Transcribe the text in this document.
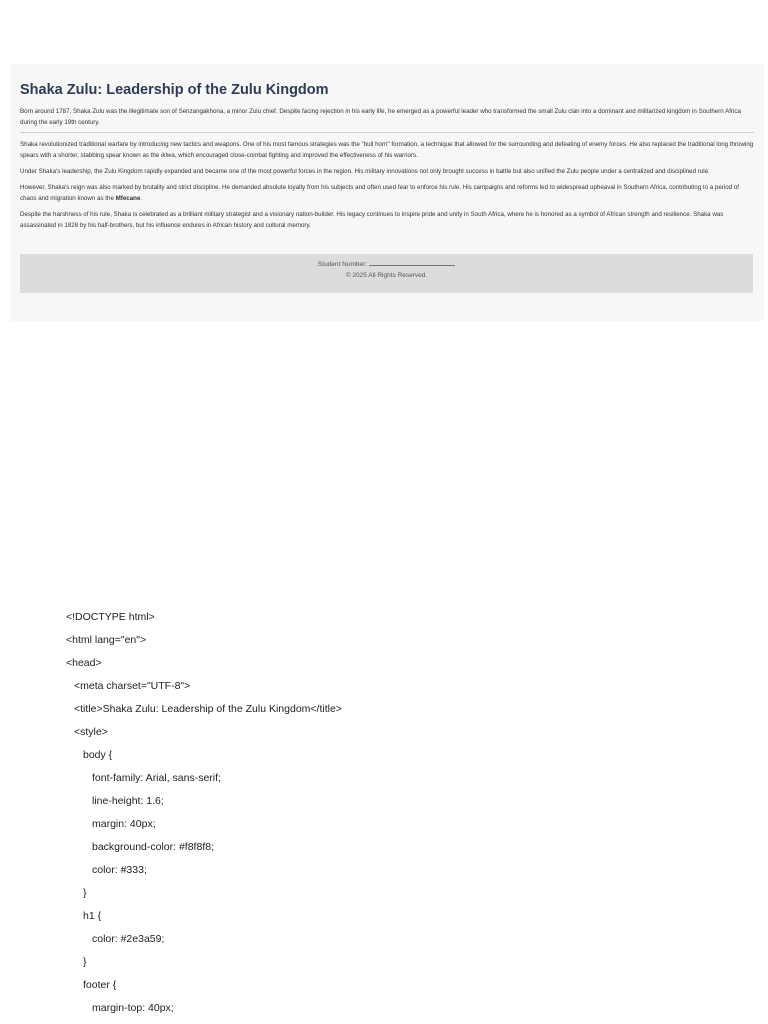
Shaka Zulu: Leadership of the Zulu Kingdom

Born around 1787, Shaka Zulu was the illegitimate son of Senzangakhona, a minor Zulu chief. Despite facing rejection in his early life, he emerged as a powerful leader who transformed the small Zulu clan into a dominant and militarized kingdom in Southern Africa during the early 19th century.

Shaka revolutionized traditional warfare by introducing new tactics and weapons. One of his most famous strategies was the "bull horn" formation, a technique that allowed for the surrounding and defeating of enemy forces. He also replaced the traditional long throwing spears with a shorter, stabbing spear known as the iklwa, which encouraged close-combat fighting and improved the effectiveness of his warriors.

Under Shaka's leadership, the Zulu Kingdom rapidly expanded and became one of the most powerful forces in the region. His military innovations not only brought success in battle but also unified the Zulu people under a centralized and disciplined rule.

However, Shaka's reign was also marked by brutality and strict discipline. He demanded absolute loyalty from his subjects and often used fear to enforce his rule. His campaigns and reforms led to widespread upheaval in Southern Africa, contributing to a period of chaos and migration known as the Mfecane.

Despite the harshness of his rule, Shaka is celebrated as a brilliant military strategist and a visionary nation-builder. His legacy continues to inspire pride and unity in South Africa, where he is honored as a symbol of African strength and resilience. Shaka was assassinated in 1828 by his half-brothers, but his influence endures in African history and cultural memory.

Student Number:
© 2025 All Rights Reserved.
<!DOCTYPE html>
<html lang="en">
<head>
<meta charset="UTF-8">
<title>Shaka Zulu: Leadership of the Zulu Kingdom</title>
<style>
body {
font-family: Arial, sans-serif;
line-height: 1.6;
margin: 40px;
background-color: #f8f8f8;
color: #333;
}
h1 {
color: #2e3a59;
}
footer {
margin-top: 40px;
